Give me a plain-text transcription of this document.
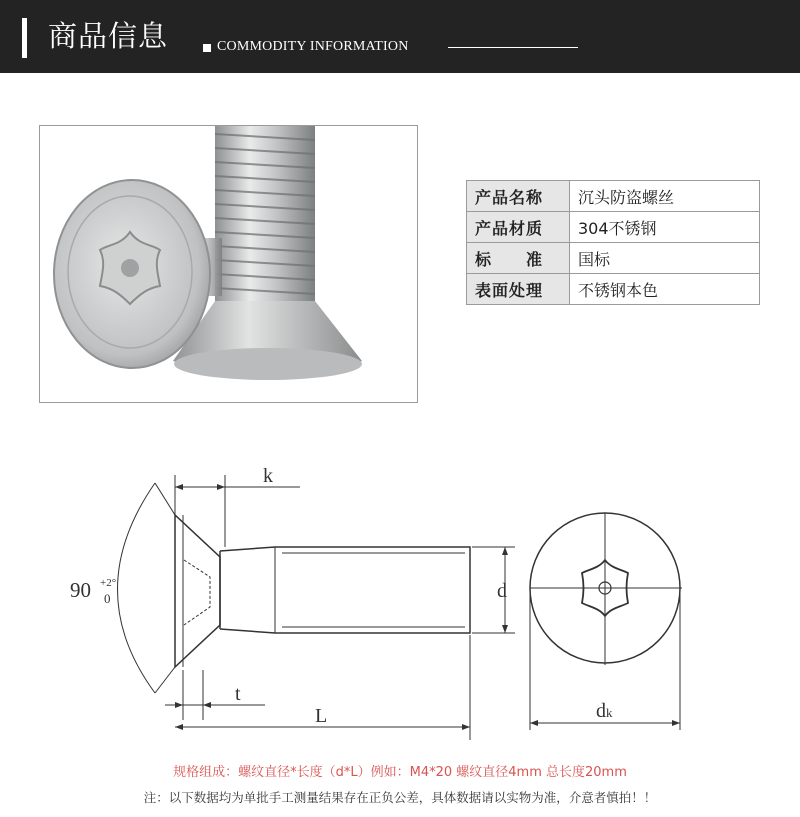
商品信息	COMMODITY INFORMATION
产品名称	沉头防盗螺丝
产品材质	304不锈钢
标　　准	国标
表面处理	不锈钢本色
90 +2°
0
k
t
L
d
dk
规格组成：螺纹直径*长度（d*L）例如：M4*20 螺纹直径4mm 总长度20mm
注：以下数据均为单批手工测量结果存在正负公差，具体数据请以实物为准，介意者慎拍！！
